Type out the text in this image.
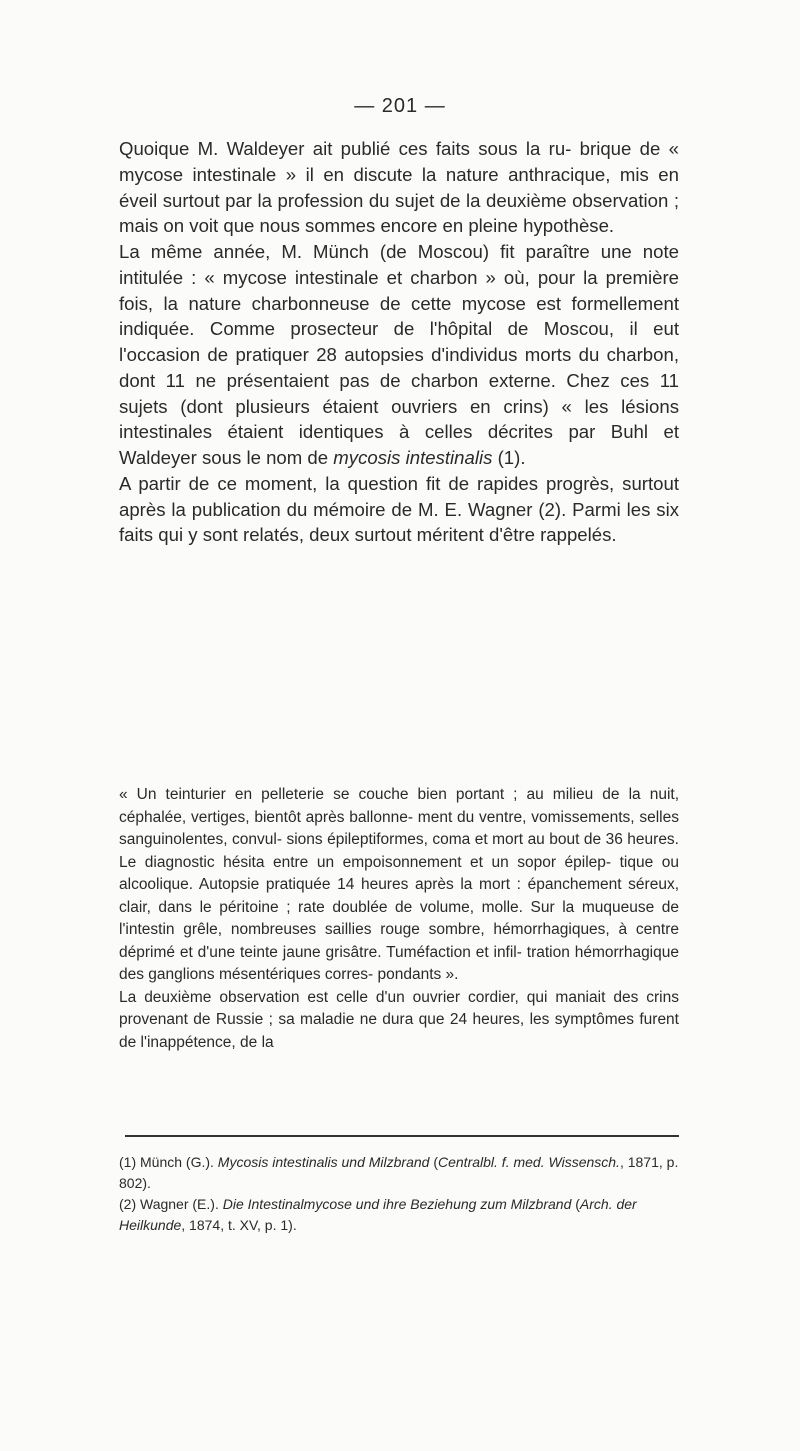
— 201 —

Quoique M. Waldeyer ait publié ces faits sous la ru- brique de « mycose intestinale » il en discute la nature anthracique, mis en éveil surtout par la profession du sujet de la deuxième observation ; mais on voit que nous sommes encore en pleine hypothèse.

La même année, M. Münch (de Moscou) fit paraître une note intitulée : « mycose intestinale et charbon » où, pour la première fois, la nature charbonneuse de cette mycose est formellement indiquée. Comme prosecteur de l'hôpital de Moscou, il eut l'occasion de pratiquer 28 autopsies d'individus morts du charbon, dont 11 ne présentaient pas de charbon externe. Chez ces 11 sujets (dont plusieurs étaient ouvriers en crins) « les lésions intestinales étaient identiques à celles décrites par Buhl et Waldeyer sous le nom de mycosis intestinalis (1).

A partir de ce moment, la question fit de rapides progrès, surtout après la publication du mémoire de M. E. Wagner (2). Parmi les six faits qui y sont relatés, deux surtout méritent d'être rappelés.

« Un teinturier en pelleterie se couche bien portant ; au milieu de la nuit, céphalée, vertiges, bientôt après ballonne- ment du ventre, vomissements, selles sanguinolentes, convul- sions épileptiformes, coma et mort au bout de 36 heures. Le diagnostic hésita entre un empoisonnement et un sopor épilep- tique ou alcoolique. Autopsie pratiquée 14 heures après la mort : épanchement séreux, clair, dans le péritoine ; rate doublée de volume, molle. Sur la muqueuse de l'intestin grêle, nombreuses saillies rouge sombre, hémorrhagiques, à centre déprimé et d'une teinte jaune grisâtre. Tuméfaction et infil- tration hémorrhagique des ganglions mésentériques corres- pondants ».

La deuxième observation est celle d'un ouvrier cordier, qui maniait des crins provenant de Russie ; sa maladie ne dura que 24 heures, les symptômes furent de l'inappétence, de la

(1) Münch (G.). Mycosis intestinalis und Milzbrand (Centralbl. f. med. Wissensch., 1871, p. 802).

(2) Wagner (E.). Die Intestinalmycose und ihre Beziehung zum Milzbrand (Arch. der Heilkunde, 1874, t. XV, p. 1).
